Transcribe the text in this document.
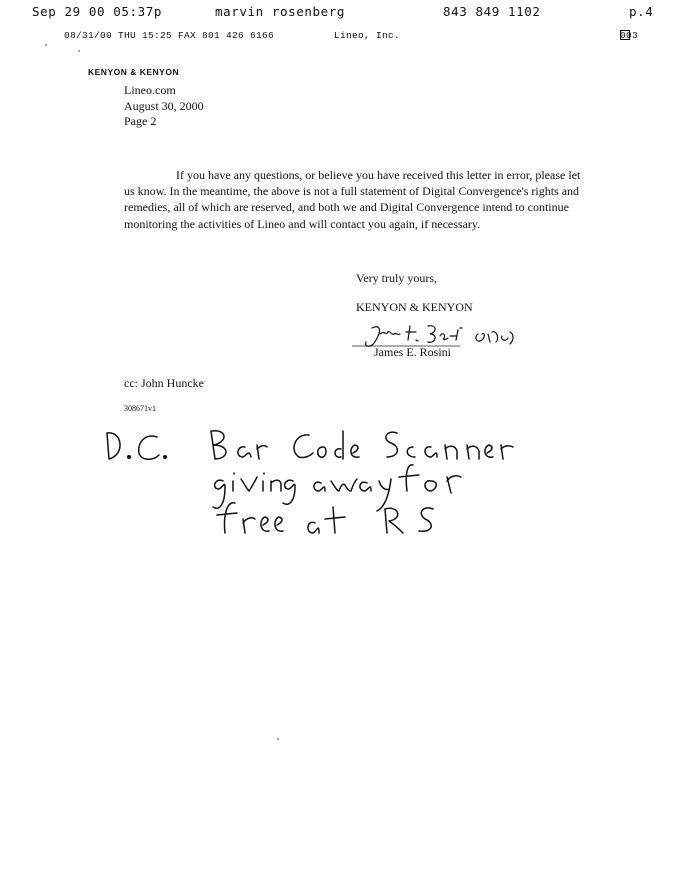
Sep 29 00 05:37p	marvin rosenberg	843 849 1102	p.4
08/31/00 THU 15:25 FAX 801 426 6166	Lineo, Inc.	003
KENYON & KENYON
Lineo.com
August 30, 2000
Page 2

If you have any questions, or believe you have received this letter in error, please let us know. In the meantime, the above is not a full statement of Digital Convergence's rights and remedies, all of which are reserved, and both we and Digital Convergence intend to continue monitoring the activities of Lineo and will contact you again, if necessary.

Very truly yours,
KENYON & KENYON
James E. Rosini
cc: John Huncke
308671v1
